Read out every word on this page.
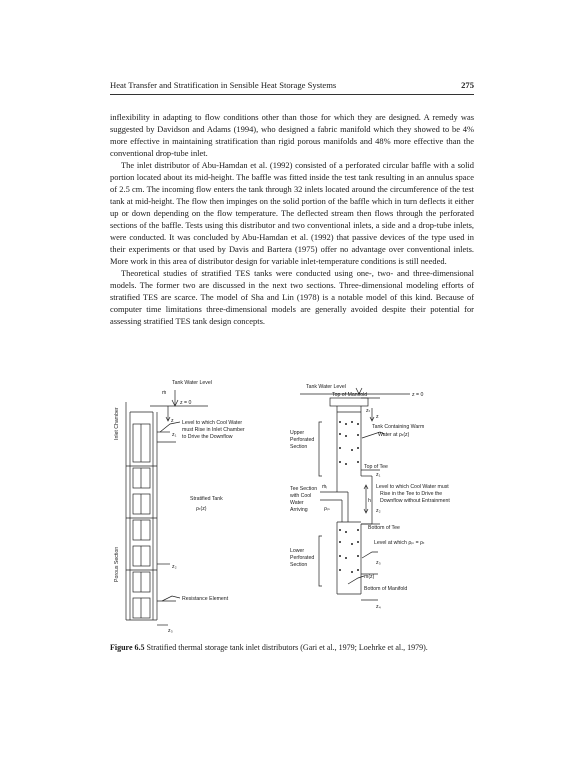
Heat Transfer and Stratification in Sensible Heat Storage Systems	275

inflexibility in adapting to flow conditions other than those for which they are designed. A remedy was suggested by Davidson and Adams (1994), who designed a fabric manifold which they showed to be 4% more effective in maintaining stratification than rigid porous manifolds and 48% more effective than the conventional drop-tube inlet.

The inlet distributor of Abu-Hamdan et al. (1992) consisted of a perforated circular baffle with a solid portion located about its mid-height. The baffle was fitted inside the test tank resulting in an annulus space of 2.5 cm. The incoming flow enters the tank through 32 inlets located around the circumference of the test tank at mid-height. The flow then impinges on the solid portion of the baffle which in turn deflects it either up or down depending on the flow temperature. The deflected stream then flows through the perforated sections of the baffle. Tests using this distributor and two conventional inlets, a side and a drop-tube inlets, were conducted. It was concluded by Abu-Hamdan et al. (1992) that passive devices of the type used in their experiments or that used by Davis and Bartera (1975) offer no advantage over conventional inlets. More work in this area of distributor design for variable inlet-temperature conditions is still needed.

Theoretical studies of stratified TES tanks were conducted using one-, two- and three-dimensional models. The former two are discussed in the next two sections. Three-dimensional modeling efforts of stratified TES are scarce. The model of Sha and Lin (1978) is a notable model of this kind. Because of computer time limitations three-dimensional models are generally avoided despite their potential for assessing stratified TES tank design concepts.

Tank Water Level
ṁ
z = 0
z
Inlet Chamber	Level to which Cool Water
must Rise in Inlet Chamber
to Drive the Downflow
z₁
Stratified Tank
ρₜ(z)
Porous Section	z₂
Resistance Element
z₃
Tank Water Level
z = 0
Top of Manifold
z
zₜ
Upper
Perforated
Section
Tank Containing Warm
Water at ρₜ(z)
Top of Tee
z₁
Tee Section
with Cool
Water
Arriving
ṁᵢ
ρᵢₙ
h
Level to which Cool Water must
Rise in the Tee to Drive the
Downflow without Entrainment
z₂
Bottom of Tee
Lower
Perforated
Section
Level at which ρᵢₙ = ρₜ
z₃
ṁ(z)
Bottom of Manifold
z₄
Figure 6.5 Stratified thermal storage tank inlet distributors (Gari et al., 1979; Loehrke et al., 1979).
